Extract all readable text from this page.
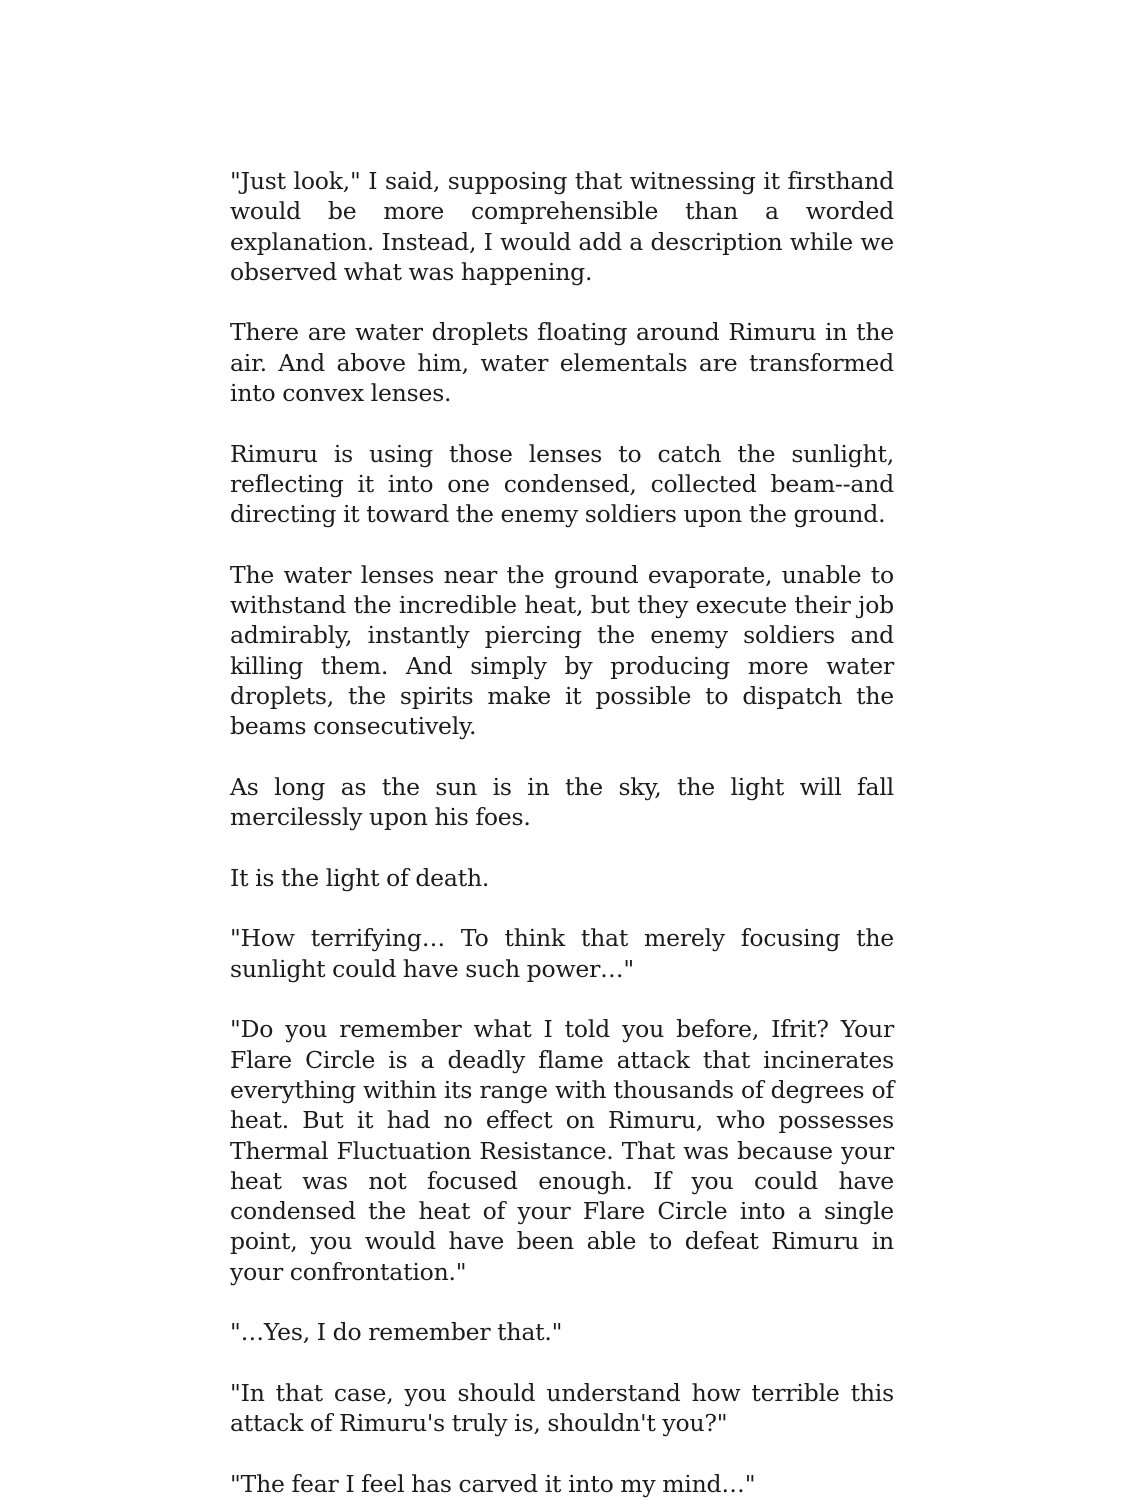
"Just look," I said, supposing that witnessing it firsthand would be more comprehensible than a worded explanation. Instead, I would add a description while we observed what was happening.

There are water droplets floating around Rimuru in the air. And above him, water elementals are transformed into convex lenses.

Rimuru is using those lenses to catch the sunlight, reflecting it into one condensed, collected beam--and directing it toward the enemy soldiers upon the ground.

The water lenses near the ground evaporate, unable to withstand the incredible heat, but they execute their job admirably, instantly piercing the enemy soldiers and killing them. And simply by producing more water droplets, the spirits make it possible to dispatch the beams consecutively.

As long as the sun is in the sky, the light will fall mercilessly upon his foes.

It is the light of death.

"How terrifying… To think that merely focusing the sunlight could have such power…"

"Do you remember what I told you before, Ifrit? Your Flare Circle is a deadly flame attack that incinerates everything within its range with thousands of degrees of heat. But it had no effect on Rimuru, who possesses Thermal Fluctuation Resistance. That was because your heat was not focused enough. If you could have condensed the heat of your Flare Circle into a single point, you would have been able to defeat Rimuru in your confrontation."

"…Yes, I do remember that."

"In that case, you should understand how terrible this attack of Rimuru's truly is, shouldn't you?"

"The fear I feel has carved it into my mind…"
